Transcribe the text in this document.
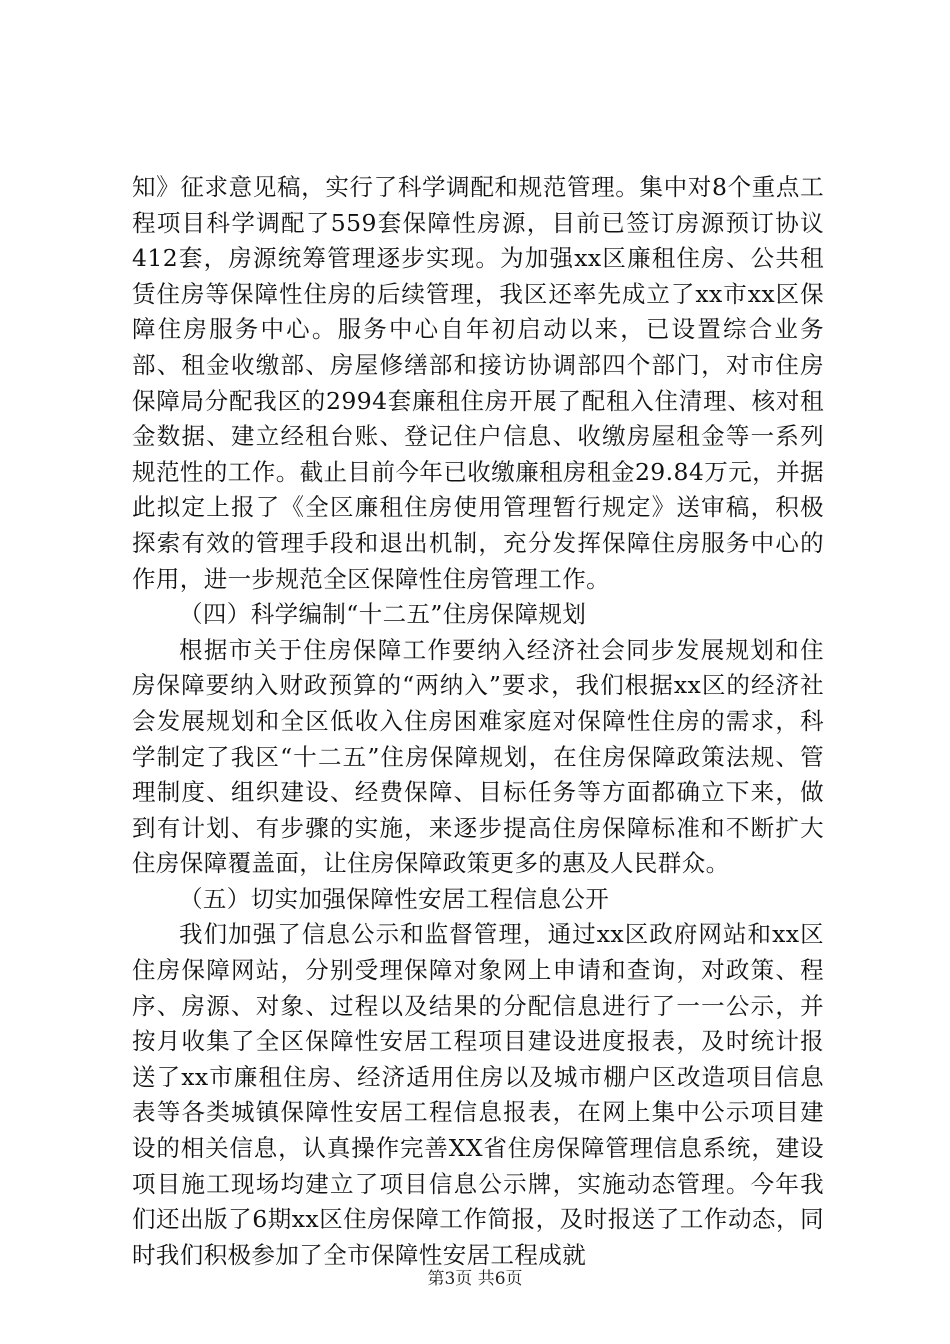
知》征求意见稿，实行了科学调配和规范管理。集中对8个重点工程项目科学调配了559套保障性房源，目前已签订房源预订协议412套，房源统筹管理逐步实现。为加强xx区廉租住房、公共租赁住房等保障性住房的后续管理，我区还率先成立了xx市xx区保障住房服务中心。服务中心自年初启动以来，已设置综合业务部、租金收缴部、房屋修缮部和接访协调部四个部门，对市住房保障局分配我区的2994套廉租住房开展了配租入住清理、核对租金数据、建立经租台账、登记住户信息、收缴房屋租金等一系列规范性的工作。截止目前今年已收缴廉租房租金29.84万元，并据此拟定上报了《全区廉租住房使用管理暂行规定》送审稿，积极探索有效的管理手段和退出机制，充分发挥保障住房服务中心的作用，进一步规范全区保障性住房管理工作。

（四）科学编制“十二五”住房保障规划

根据市关于住房保障工作要纳入经济社会同步发展规划和住房保障要纳入财政预算的“两纳入”要求，我们根据xx区的经济社会发展规划和全区低收入住房困难家庭对保障性住房的需求，科学制定了我区“十二五”住房保障规划，在住房保障政策法规、管理制度、组织建设、经费保障、目标任务等方面都确立下来，做到有计划、有步骤的实施，来逐步提高住房保障标准和不断扩大住房保障覆盖面，让住房保障政策更多的惠及人民群众。

（五）切实加强保障性安居工程信息公开

我们加强了信息公示和监督管理，通过xx区政府网站和xx区住房保障网站，分别受理保障对象网上申请和查询，对政策、程序、房源、对象、过程以及结果的分配信息进行了一一公示，并按月收集了全区保障性安居工程项目建设进度报表，及时统计报送了xx市廉租住房、经济适用住房以及城市棚户区改造项目信息表等各类城镇保障性安居工程信息报表，在网上集中公示项目建设的相关信息，认真操作完善XX省住房保障管理信息系统，建设项目施工现场均建立了项目信息公示牌，实施动态管理。今年我们还出版了6期xx区住房保障工作简报，及时报送了工作动态，同时我们积极参加了全市保障性安居工程成就

第3页 共6页
